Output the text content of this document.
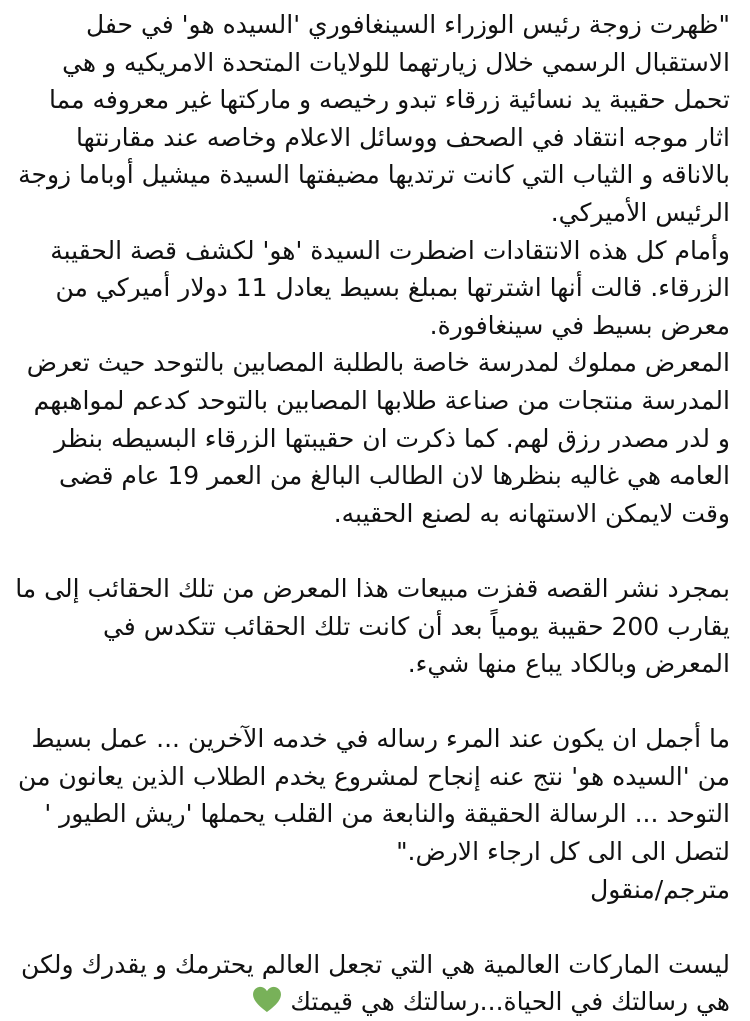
"ظهرت زوجة رئيس الوزراء السينغافوري 'السيده هو' في حفل الاستقبال الرسمي خلال زيارتهما للولايات المتحدة الامريكيه و هي تحمل حقيبة يد نسائية زرقاء تبدو رخيصه و ماركتها غير معروفه مما اثار موجه انتقاد في الصحف ووسائل الاعلام وخاصه عند مقارنتها بالاناقه و الثياب التي كانت ترتديها مضيفتها السيدة ميشيل أوباما زوجة الرئيس الأميركي.

وأمام كل هذه الانتقادات اضطرت السيدة 'هو' لكشف قصة الحقيبة الزرقاء. قالت أنها اشترتها بمبلغ بسيط يعادل 11 دولار أميركي من معرض بسيط في سينغافورة.

المعرض مملوك لمدرسة خاصة بالطلبة المصابين بالتوحد حيث تعرض المدرسة منتجات من صناعة طلابها المصابين بالتوحد كدعم لمواهبهم و لدر مصدر رزق لهم. كما ذكرت ان حقيبتها الزرقاء البسيطه بنظر العامه هي غاليه بنظرها لان الطالب البالغ من العمر 19 عام قضى وقت لايمكن الاستهانه به لصنع الحقيبه.

بمجرد نشر القصه قفزت مبيعات هذا المعرض من تلك الحقائب إلى ما يقارب 200 حقيبة يومياً بعد أن كانت تلك الحقائب تتكدس في المعرض وبالكاد يباع منها شيء.

ما أجمل ان يكون عند المرء رساله في خدمه الآخرين ... عمل بسيط من 'السيده هو' نتج عنه إنجاح لمشروع يخدم الطلاب الذين يعانون من التوحد ... الرسالة الحقيقة والنابعة من القلب يحملها 'ريش الطيور ' لتصل الى الى كل ارجاء الارض."

مترجم/منقول

ليست الماركات العالمية هي التي تجعل العالم يحترمك و يقدرك ولكن هي رسالتك في الحياة...رسالتك هي قيمتك
